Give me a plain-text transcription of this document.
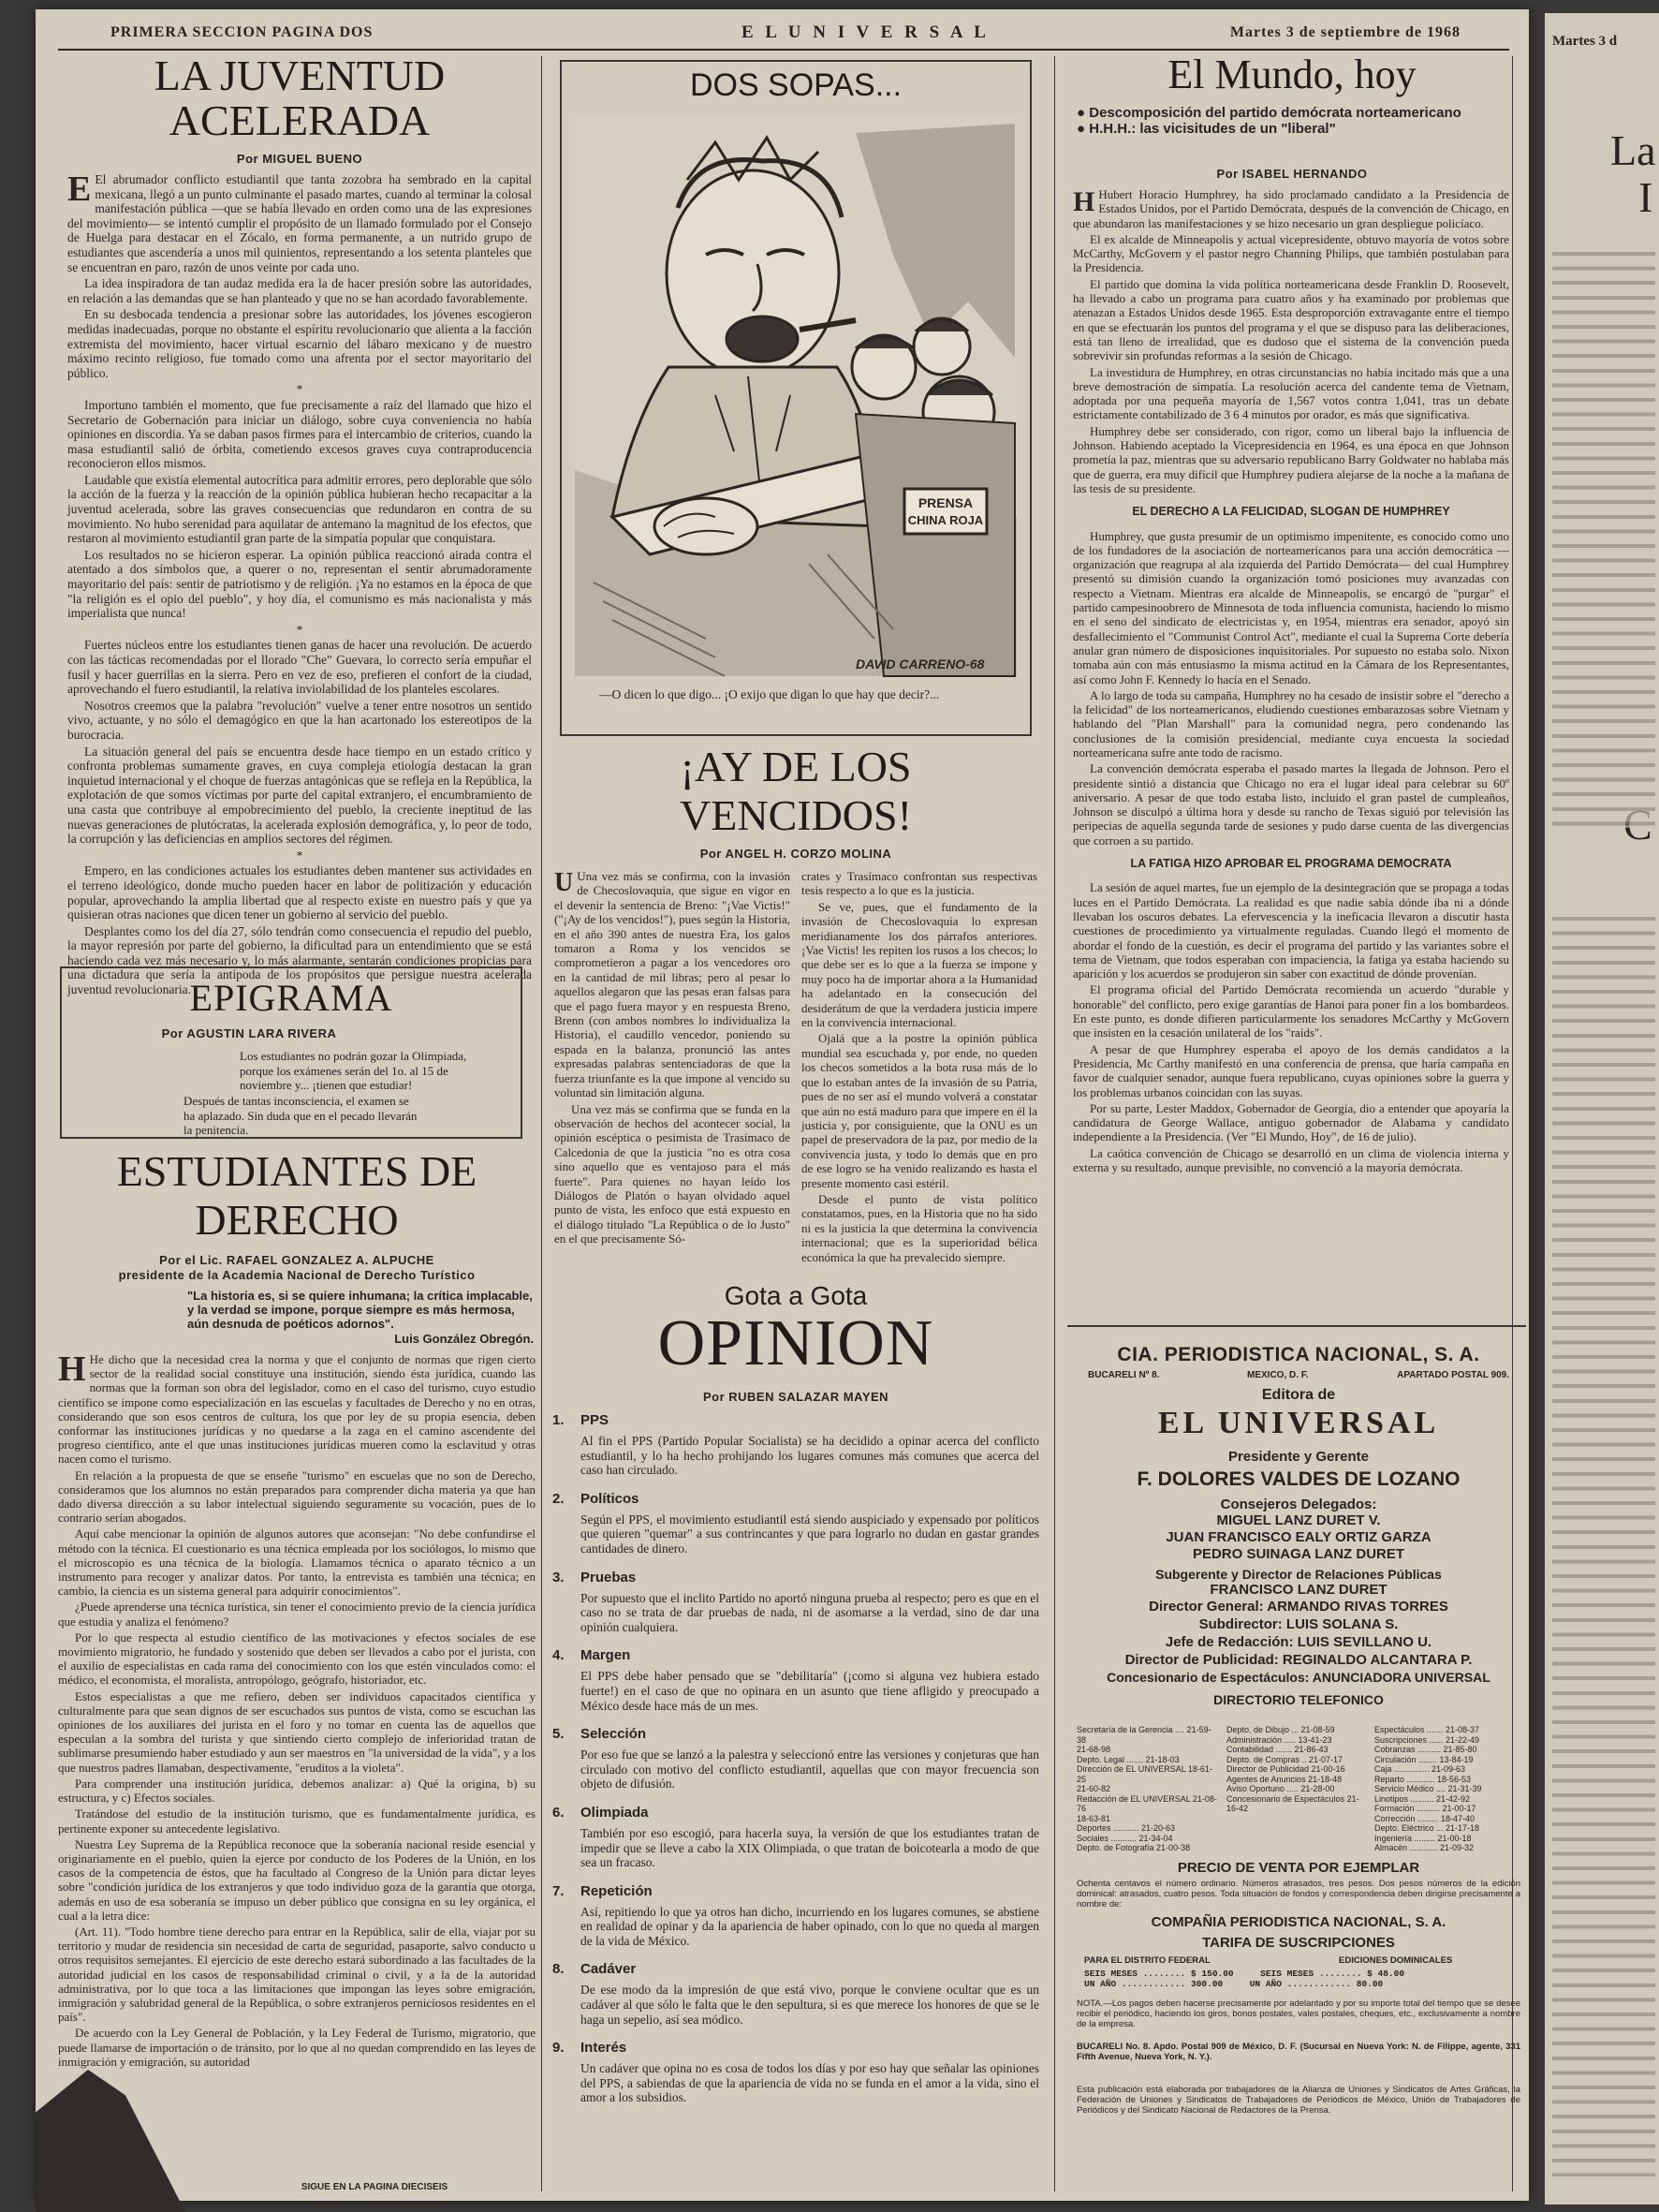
Martes 3 d
La
I
PRIMERA SECCION PAGINA DOS	E L U N I V E R S A L	Martes 3 de septiembre de 1968
LA JUVENTUD
ACELERADA
Por MIGUEL BUENO

E El abrumador conflicto estudiantil que tanta zozobra ha sembrado en la capital mexicana, llegó a un punto culminante el pasado martes, cuando al terminar la colosal manifestación pública —que se había llevado en orden como una de las expresiones del movimiento— se intentó cumplir el propósito de un llamado formulado por el Consejo de Huelga para destacar en el Zócalo, en forma permanente, a un nutrido grupo de estudiantes que ascendería a unos mil quinientos, representando a los setenta planteles que se encuentran en paro, razón de unos veinte por cada uno.

La idea inspiradora de tan audaz medida era la de hacer presión sobre las autoridades, en relación a las demandas que se han planteado y que no se han acordado favorablemente.

En su desbocada tendencia a presionar sobre las autoridades, los jóvenes escogieron medidas inadecuadas, porque no obstante el espíritu revolucionario que alienta a la facción extremista del movimiento, hacer virtual escarnio del lábaro mexicano y de nuestro máximo recinto religioso, fue tomado como una afrenta por el sector mayoritario del público.

*

Importuno también el momento, que fue precisamente a raíz del llamado que hizo el Secretario de Gobernación para iniciar un diálogo, sobre cuya conveniencia no había opiniones en discordia. Ya se daban pasos firmes para el intercambio de criterios, cuando la masa estudiantil salió de órbita, cometiendo excesos graves cuya contraproducencia reconocieron ellos mismos.

Laudable que existía elemental autocrítica para admitir errores, pero deplorable que sólo la acción de la fuerza y la reacción de la opinión pública hubieran hecho recapacitar a la juventud acelerada, sobre las graves consecuencias que redundaron en contra de su movimiento. No hubo serenidad para aquilatar de antemano la magnitud de los efectos, que restaron al movimiento estudiantil gran parte de la simpatía popular que conquistara.

Los resultados no se hicieron esperar. La opinión pública reaccionó airada contra el atentado a dos símbolos que, a querer o no, representan el sentir abrumadoramente mayoritario del país: sentir de patriotismo y de religión. ¡Ya no estamos en la época de que "la religión es el opio del pueblo", y hoy día, el comunismo es más nacionalista y más imperialista que nunca!

*

Fuertes núcleos entre los estudiantes tienen ganas de hacer una revolución. De acuerdo con las tácticas recomendadas por el llorado "Che" Guevara, lo correcto sería empuñar el fusil y hacer guerrillas en la sierra. Pero en vez de eso, prefieren el confort de la ciudad, aprovechando el fuero estudiantil, la relativa inviolabilidad de los planteles escolares.

Nosotros creemos que la palabra "revolución" vuelve a tener entre nosotros un sentido vivo, actuante, y no sólo el demagógico en que la han acartonado los estereotipos de la burocracia.

La situación general del país se encuentra desde hace tiempo en un estado crítico y confronta problemas sumamente graves, en cuya compleja etiología destacan la gran inquietud internacional y el choque de fuerzas antagónicas que se refleja en la República, la explotación de que somos víctimas por parte del capital extranjero, el encumbramiento de una casta que contribuye al empobrecimiento del pueblo, la creciente ineptitud de las nuevas generaciones de plutócratas, la acelerada explosión demográfica, y, lo peor de todo, la corrupción y las deficiencias en amplios sectores del régimen.

*

Empero, en las condiciones actuales los estudiantes deben mantener sus actividades en el terreno ideológico, donde mucho pueden hacer en labor de politización y educación popular, aprovechando la amplia libertad que al respecto existe en nuestro país y que ya quisieran otras naciones que dicen tener un gobierno al servicio del pueblo.

Desplantes como los del día 27, sólo tendrán como consecuencia el repudio del pueblo, la mayor represión por parte del gobierno, la dificultad para un entendimiento que se está haciendo cada vez más necesario y, lo más alarmante, sentarán condiciones propicias para una dictadura que sería la antípoda de los propósitos que persigue nuestra acelerada juventud revolucionaria.

EPIGRAMA
Por AGUSTIN LARA RIVERA
Los estudiantes no podrán gozar la Olimpiada, porque los exámenes serán del 1o. al 15 de noviembre y... ¡tienen que estudiar!
Después de tantas inconsciencia, el examen se ha aplazado. Sin duda que en el pecado llevarán la penitencia.
ESTUDIANTES DE
DERECHO
Por el Lic. RAFAEL GONZALEZ A. ALPUCHE
presidente de la Academia Nacional de Derecho Turístico
"La historia es, si se quiere inhumana; la crítica implacable, y la verdad se impone, porque siempre es más hermosa, aún desnuda de poéticos adornos".
Luis González Obregón.

H He dicho que la necesidad crea la norma y que el conjunto de normas que rigen cierto sector de la realidad social constituye una institución, siendo ésta jurídica, cuando las normas que la forman son obra del legislador, como en el caso del turismo, cuyo estudio científico se impone como especialización en las escuelas y facultades de Derecho y no en otras, considerando que son esos centros de cultura, los que por ley de su propia esencia, deben conformar las instituciones jurídicas y no quedarse a la zaga en el camino ascendente del progreso científico, ante el que unas instituciones jurídicas mueren como la esclavitud y otras nacen como el turismo.

En relación a la propuesta de que se enseñe "turismo" en escuelas que no son de Derecho, consideramos que los alumnos no están preparados para comprender dicha materia ya que han dado diversa dirección a su labor intelectual siguiendo seguramente su vocación, pues de lo contrario serían abogados.

Aquí cabe mencionar la opinión de algunos autores que aconsejan: "No debe confundirse el método con la técnica. El cuestionario es una técnica empleada por los sociólogos, lo mismo que el microscopio es una técnica de la biología. Llamamos técnica o aparato técnico a un instrumento para recoger y analizar datos. Por tanto, la entrevista es también una técnica; en cambio, la ciencia es un sistema general para adquirir conocimientos".

¿Puede aprenderse una técnica turística, sin tener el conocimiento previo de la ciencia jurídica que estudia y analiza el fenómeno?

Por lo que respecta al estudio científico de las motivaciones y efectos sociales de ese movimiento migratorio, he fundado y sostenido que deben ser llevados a cabo por el jurista, con el auxilio de especialistas en cada rama del conocimiento con los que estén vinculados como: el médico, el economista, el moralista, antropólogo, geógrafo, historiador, etc.

Estos especialistas a que me refiero, deben ser individuos capacitados científica y culturalmente para que sean dignos de ser escuchados sus puntos de vista, como se escuchan las opiniones de los auxiliares del jurista en el foro y no tomar en cuenta las de aquellos que especulan a la sombra del turista y que sintiendo cierto complejo de inferioridad tratan de sublimarse presumiendo haber estudiado y aun ser maestros en "la universidad de la vida", y a los que nuestros padres llamaban, despectivamente, "eruditos a la violeta".

Para comprender una institución jurídica, debemos analizar: a) Qué la origina, b) su estructura, y c) Efectos sociales.

Tratándose del estudio de la institución turismo, que es fundamentalmente jurídica, es pertinente exponer su antecedente legislativo.

Nuestra Ley Suprema de la República reconoce que la soberanía nacional reside esencial y originariamente en el pueblo, quien la ejerce por conducto de los Poderes de la Unión, en los casos de la competencia de éstos, que ha facultado al Congreso de la Unión para dictar leyes sobre "condición jurídica de los extranjeros y que todo individuo goza de la garantía que otorga, además en uso de esa soberanía se impuso un deber público que consigna en su ley orgánica, el cual a la letra dice:

(Art. 11). "Todo hombre tiene derecho para entrar en la República, salir de ella, viajar por su territorio y mudar de residencia sin necesidad de carta de seguridad, pasaporte, salvo conducto u otros requisitos semejantes. El ejercicio de este derecho estará subordinado a las facultades de la autoridad judicial en los casos de responsabilidad criminal o civil, y a la de la autoridad administrativa, por lo que toca a las limitaciones que impongan las leyes sobre emigración, inmigración y salubridad general de la República, o sobre extranjeros perniciosos residentes en el país".

De acuerdo con la Ley General de Población, y la Ley Federal de Turismo, migratorio, que puede llamarse de importación o de tránsito, por lo que al no quedan comprendido en las leyes de inmigración y emigración, su autoridad

SIGUE EN LA PAGINA DIECISEIS
DOS SOPAS...
PRENSA
CHINA ROJA
DAVID CARRENO-68
—O dicen lo que digo... ¡O exijo que digan lo que hay que decir?...
¡AY DE LOS
VENCIDOS!
Por ANGEL H. CORZO MOLINA

U Una vez más se confirma, con la invasión de Checoslovaquia, que sigue en vigor en el devenir la sentencia de Breno: "¡Vae Victis!" ("¡Ay de los vencidos!"), pues según la Historia, en el año 390 antes de nuestra Era, los galos tomaron a Roma y los vencidos se comprometieron a pagar a los vencedores oro en la cantidad de mil libras; pero al pesar lo aquellos alegaron que las pesas eran falsas para que el pago fuera mayor y en respuesta Breno, Brenn (con ambos nombres lo individualiza la Historia), el caudillo vencedor, poniendo su espada en la balanza, pronunció las antes expresadas palabras sentenciadoras de que la fuerza triunfante es la que impone al vencido su voluntad sin limitación alguna.

Una vez más se confirma que se funda en la observación de hechos del acontecer social, la opinión escéptica o pesimista de Trasímaco de Calcedonia de que la justicia "no es otra cosa sino aquello que es ventajoso para el más fuerte". Para quienes no hayan leído los Diálogos de Platón o hayan olvidado aquel punto de vista, les enfoco que está expuesto en el diálogo titulado "La República o de lo Justo" en el que precisamente Só-

crates y Trasímaco confrontan sus respectivas tesis respecto a lo que es la justicia.

Se ve, pues, que el fundamento de la invasión de Checoslovaquia lo expresan meridianamente los dos párrafos anteriores. ¡Vae Victis! les repiten los rusos a los checos; lo que debe ser es lo que a la fuerza se impone y muy poco ha de importar ahora a la Humanidad ha adelantado en la consecución del desiderátum de que la verdadera justicia impere en la convivencia internacional.

Ojalá que a la postre la opinión pública mundial sea escuchada y, por ende, no queden los checos sometidos a la bota rusa más de lo que lo estaban antes de la invasión de su Patria, pues de no ser así el mundo volverá a constatar que aún no está maduro para que impere en él la justicia y, por consiguiente, que la ONU es un papel de preservadora de la paz, por medio de la convivencia justa, y todo lo demás que en pro de ese logro se ha venido realizando es hasta el presente momento casi estéril.

Desde el punto de vista político constatamos, pues, en la Historia que no ha sido ni es la justicia la que determina la convivencia internacional; que es la superioridad bélica económica la que ha prevalecido siempre.

Gota a Gota
OPINION
Por RUBEN SALAZAR MAYEN
1. PPS
Al fin el PPS (Partido Popular Socialista) se ha decidido a opinar acerca del conflicto estudiantil, y lo ha hecho prohijando los lugares comunes más comunes que acerca del caso han circulado.
2. Políticos
Según el PPS, el movimiento estudiantil está siendo auspiciado y expensado por políticos que quieren "quemar" a sus contrincantes y que para lograrlo no dudan en gastar grandes cantidades de dinero.
3. Pruebas
Por supuesto que el inclito Partido no aportó ninguna prueba al respecto; pero es que en el caso no se trata de dar pruebas de nada, ni de asomarse a la verdad, sino de dar una opinión cualquiera.
4. Margen
El PPS debe haber pensado que se "debilitaría" (¡como si alguna vez hubiera estado fuerte!) en el caso de que no opinara en un asunto que tiene afligido y preocupado a México desde hace más de un mes.
5. Selección
Por eso fue que se lanzó a la palestra y seleccionó entre las versiones y conjeturas que han circulado con motivo del conflicto estudiantil, aquellas que con mayor frecuencia son objeto de difusión.
6. Olimpiada
También por eso escogió, para hacerla suya, la versión de que los estudiantes tratan de impedir que se lleve a cabo la XIX Olimpiada, o que tratan de boicotearla a modo de que sea un fracaso.
7. Repetición
Así, repitiendo lo que ya otros han dicho, incurriendo en los lugares comunes, se abstiene en realidad de opinar y da la apariencia de haber opinado, con lo que no queda al margen de la vida de México.
8. Cadáver
De ese modo da la impresión de que está vivo, porque le conviene ocultar que es un cadáver al que sólo le falta que le den sepultura, si es que merece los honores de que se le haga un sepelio, así sea módico.
9. Interés
Un cadáver que opina no es cosa de todos los días y por eso hay que señalar las opiniones del PPS, a sabiendas de que la apariencia de vida no se funda en el amor a la vida, sino el amor a los subsidios.
El Mundo, hoy
● Descomposición del partido demócrata norteamericano
● H.H.H.: las vicisitudes de un "liberal"
Por ISABEL HERNANDO

H Hubert Horacio Humphrey, ha sido proclamado candidato a la Presidencia de Estados Unidos, por el Partido Demócrata, después de la convención de Chicago, en que abundaron las manifestaciones y se hizo necesario un gran despliegue policíaco.

El ex alcalde de Minneapolis y actual vicepresidente, obtuvo mayoría de votos sobre McCarthy, McGovern y el pastor negro Channing Philips, que también postulaban para la Presidencia.

El partido que domina la vida política norteamericana desde Franklin D. Roosevelt, ha llevado a cabo un programa para cuatro años y ha examinado por problemas que atenazan a Estados Unidos desde 1965. Esta desproporción extravagante entre el tiempo en que se efectuarán los puntos del programa y el que se dispuso para las deliberaciones, está tan lleno de irrealidad, que es dudoso que el sistema de la convención pueda sobrevivir sin profundas reformas a la sesión de Chicago.

La investidura de Humphrey, en otras circunstancias no había incitado más que a una breve demostración de simpatía. La resolución acerca del candente tema de Vietnam, adoptada por una pequeña mayoría de 1,567 votos contra 1,041, tras un debate estrictamente contabilizado de 3 6 4 minutos por orador, es más que significativa.

Humphrey debe ser considerado, con rigor, como un liberal bajo la influencia de Johnson. Habiendo aceptado la Vicepresidencia en 1964, es una época en que Johnson prometía la paz, mientras que su adversario republicano Barry Goldwater no hablaba más que de guerra, era muy difícil que Humphrey pudiera alejarse de la noche a la mañana de las tesis de su presidente.

EL DERECHO A LA FELICIDAD, SLOGAN DE HUMPHREY

Humphrey, que gusta presumir de un optimismo impenitente, es conocido como uno de los fundadores de la asociación de norteamericanos para una acción democrática —organización que reagrupa al ala izquierda del Partido Demócrata— del cual Humphrey presentó su dimisión cuando la organización tomó posiciones muy avanzadas con respecto a Vietnam. Mientras era alcalde de Minneapolis, se encargó de "purgar" el partido campesinoobrero de Minnesota de toda influencia comunista, haciendo lo mismo en el seno del sindicato de electricistas y, en 1954, mientras era senador, apoyó sin desfallecimiento el "Communist Control Act", mediante el cual la Suprema Corte debería anular gran número de disposiciones inquisitoriales. Por supuesto no estaba solo. Nixon tomaba aún con más entusiasmo la misma actitud en la Cámara de los Representantes, así como John F. Kennedy lo hacía en el Senado.

A lo largo de toda su campaña, Humphrey no ha cesado de insistir sobre el "derecho a la felicidad" de los norteamericanos, eludiendo cuestiones embarazosas sobre Vietnam y hablando del "Plan Marshall" para la comunidad negra, pero condenando las conclusiones de la comisión presidencial, mediante cuya encuesta la sociedad norteamericana sufre ante todo de racismo.

La convención demócrata esperaba el pasado martes la llegada de Johnson. Pero el presidente sintió a distancia que Chicago no era el lugar ideal para celebrar su 60º aniversario. A pesar de que todo estaba listo, incluido el gran pastel de cumpleaños, Johnson se disculpó a última hora y desde su rancho de Texas siguió por televisión las peripecias de aquella segunda tarde de sesiones y pudo darse cuenta de las divergencias que corroen a su partido.

LA FATIGA HIZO APROBAR EL PROGRAMA DEMOCRATA

La sesión de aquel martes, fue un ejemplo de la desintegración que se propaga a todas luces en el Partido Demócrata. La realidad es que nadie sabía dónde iba ni a dónde llevaban los oscuros debates. La efervescencia y la ineficacia llevaron a discutir hasta cuestiones de procedimiento ya virtualmente reguladas. Cuando llegó el momento de abordar el fondo de la cuestión, es decir el programa del partido y las variantes sobre el tema de Vietnam, que todos esperaban con impaciencia, la fatiga ya estaba haciendo su aparición y los acuerdos se produjeron sin saber con exactitud de dónde provenían.

El programa oficial del Partido Demócrata recomienda un acuerdo "durable y honorable" del conflicto, pero exige garantías de Hanoi para poner fin a los bombardeos. En este punto, es donde difieren particularmente los senadores McCarthy y McGovern que insisten en la cesación unilateral de los "raids".

A pesar de que Humphrey esperaba el apoyo de los demás candidatos a la Presidencia, Mc Carthy manifestó en una conferencia de prensa, que haría campaña en favor de cualquier senador, aunque fuera republicano, cuyas opiniones sobre la guerra y los problemas urbanos coincidan con las suyas.

Por su parte, Lester Maddox, Gobernador de Georgia, dio a entender que apoyaría la candidatura de George Wallace, antiguo gobernador de Alabama y candidato independiente a la Presidencia. (Ver "El Mundo, Hoy", de 16 de julio).

La caótica convención de Chicago se desarrolló en un clima de violencia interna y externa y su resultado, aunque previsible, no convenció a la mayoría demócrata.

CIA. PERIODISTICA NACIONAL, S. A.
BUCARELI Nº 8.	MEXICO, D. F.	APARTADO POSTAL 909.
Editora de
EL UNIVERSAL
Presidente y Gerente
F. DOLORES VALDES DE LOZANO
Consejeros Delegados:
MIGUEL LANZ DURET V.
JUAN FRANCISCO EALY ORTIZ GARZA
PEDRO SUINAGA LANZ DURET
Subgerente y Director de Relaciones Públicas
FRANCISCO LANZ DURET
Director General: ARMANDO RIVAS TORRES
Subdirector: LUIS SOLANA S.
Jefe de Redacción: LUIS SEVILLANO U.
Director de Publicidad: REGINALDO ALCANTARA P.
Concesionario de Espectáculos: ANUNCIADORA UNIVERSAL
DIRECTORIO TELEFONICO
Secretaría de la Gerencia .... 21-59-38
21-68-98
Depto. Legal ....... 21-18-03
Dirección de EL UNIVERSAL 18-61-25
21-60-82
Redacción de EL UNIVERSAL 21-08-76
18-63-81
Deportes ........... 21-20-63
Sociales ........... 21-34-04
Depto. de Fotografía 21-00-38
Depto. de Dibujo ... 21-08-59
Administración ..... 13-41-23
Contabilidad ....... 21-86-43
Depto. de Compras .. 21-07-17
Director de Publicidad 21-00-16
Agentes de Anuncios 21-18-48
Aviso Oportuno ..... 21-28-00
Concesionario de Espectáculos 21-16-42
Espectáculos ....... 21-08-37
Suscripciones ...... 21-22-49
Cobranzas .......... 21-85-80
Circulación ........ 13-84-19
Caja ............... 21-09-63
Reparto ............ 18-56-53
Servicio Médico .... 21-31-39
Linotipos .......... 21-42-92
Formación .......... 21-00-17
Corrección ......... 18-47-40
Depto. Eléctrico ... 21-17-18
Ingeniería ......... 21-00-18
Almacén ............ 21-09-32
PRECIO DE VENTA POR EJEMPLAR
Ochenta centavos el número ordinario. Números atrasados, tres pesos. Dos pesos números de la edición dominical: atrasados, cuatro pesos. Toda situación de fondos y correspondencia deben dirigirse precisamente a nombre de:
COMPAÑIA PERIODISTICA NACIONAL, S. A.
TARIFA DE SUSCRIPCIONES
PARA EL DISTRITO FEDERAL	EDICIONES DOMINICALES
SEIS MESES ........ $ 150.00     SEIS MESES ........ $ 48.00
UN AÑO ............ 300.00     UN AÑO ............ 80.00
NOTA.—Los pagos deben hacerse precisamente por adelantado y por su importe total del tiempo que se desee recibir el periódico, haciendo los giros, bonos postales, vales postales, cheques, etc., exclusivamente a nombre de la empresa.
BUCARELI No. 8. Apdo. Postal 909 de México, D. F. (Sucursal en Nueva York: N. de Filippe, agente, 331 Fifth Avenue, Nueva York, N. Y.).
Esta publicación está elaborada por trabajadores de la Alianza de Uniones y Sindicatos de Artes Gráficas, la Federación de Uniones y Sindicatos de Trabajadores de Periódicos de México, Unión de Trabajadores de Periódicos y del Sindicato Nacional de Redactores de la Prensa.
